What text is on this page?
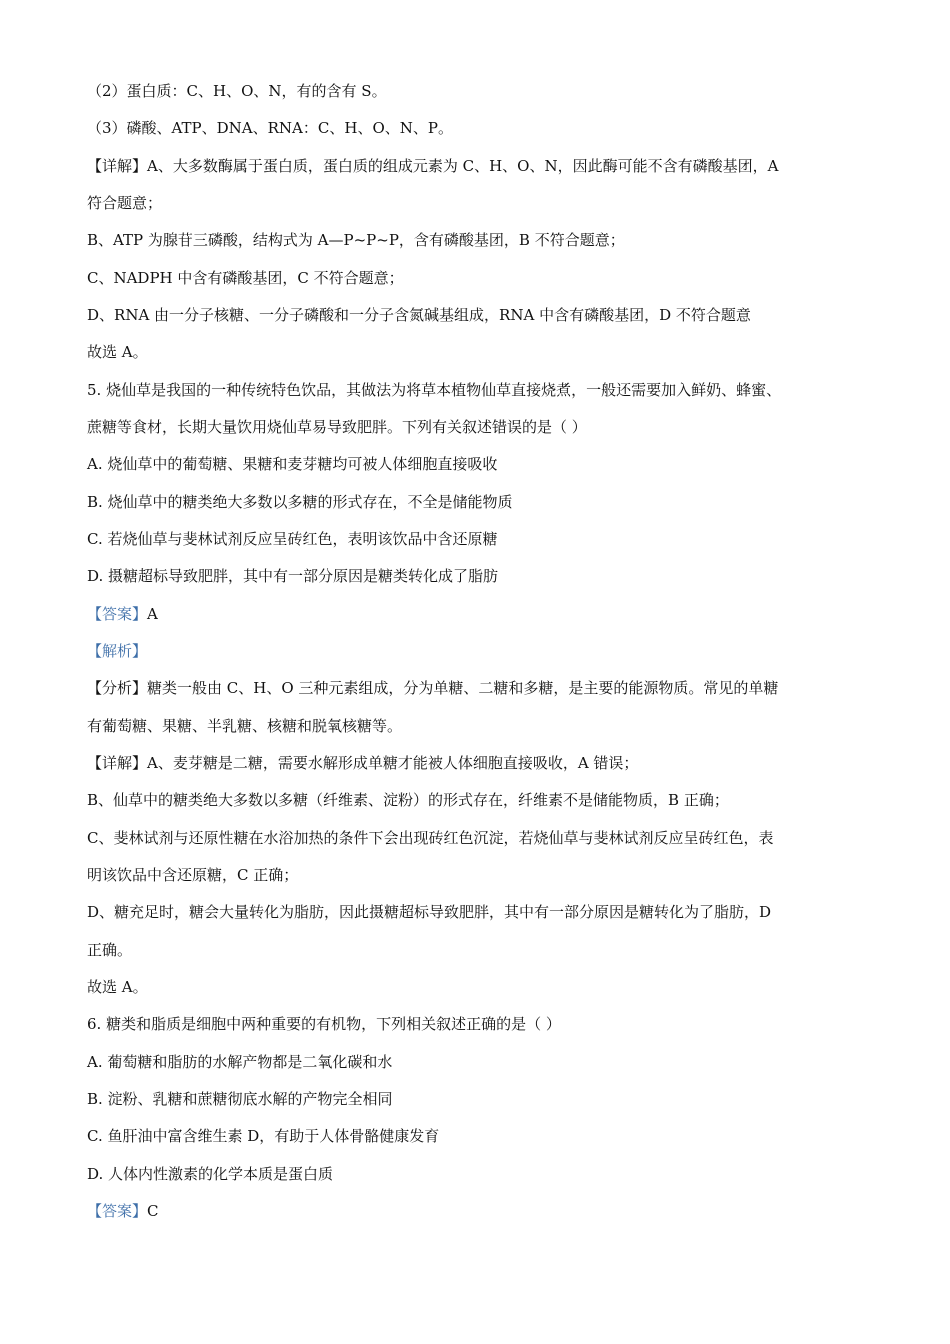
（2）蛋白质：C、H、O、N，有的含有 S。

（3）磷酸、ATP、DNA、RNA：C、H、O、N、P。

【详解】A、大多数酶属于蛋白质，蛋白质的组成元素为 C、H、O、N，因此酶可能不含有磷酸基团，A

符合题意；

B、ATP 为腺苷三磷酸，结构式为 A—P~P~P，含有磷酸基团，B 不符合题意；

C、NADPH 中含有磷酸基团，C 不符合题意；

D、RNA 由一分子核糖、一分子磷酸和一分子含氮碱基组成，RNA 中含有磷酸基团，D 不符合题意

故选 A。

5. 烧仙草是我国的一种传统特色饮品，其做法为将草本植物仙草直接烧煮，一般还需要加入鲜奶、蜂蜜、

蔗糖等食材，长期大量饮用烧仙草易导致肥胖。下列有关叙述错误的是（ ）

A. 烧仙草中的葡萄糖、果糖和麦芽糖均可被人体细胞直接吸收

B. 烧仙草中的糖类绝大多数以多糖的形式存在，不全是储能物质

C. 若烧仙草与斐林试剂反应呈砖红色，表明该饮品中含还原糖

D. 摄糖超标导致肥胖，其中有一部分原因是糖类转化成了脂肪

【答案】A

【解析】

【分析】糖类一般由 C、H、O 三种元素组成，分为单糖、二糖和多糖，是主要的能源物质。常见的单糖

有葡萄糖、果糖、半乳糖、核糖和脱氧核糖等。

【详解】A、麦芽糖是二糖，需要水解形成单糖才能被人体细胞直接吸收，A 错误；

B、仙草中的糖类绝大多数以多糖（纤维素、淀粉）的形式存在，纤维素不是储能物质，B 正确；

C、斐林试剂与还原性糖在水浴加热的条件下会出现砖红色沉淀，若烧仙草与斐林试剂反应呈砖红色，表

明该饮品中含还原糖，C 正确；

D、糖充足时，糖会大量转化为脂肪，因此摄糖超标导致肥胖，其中有一部分原因是糖转化为了脂肪，D

正确。

故选 A。

6. 糖类和脂质是细胞中两种重要的有机物，下列相关叙述正确的是（ ）

A. 葡萄糖和脂肪的水解产物都是二氧化碳和水

B. 淀粉、乳糖和蔗糖彻底水解的产物完全相同

C. 鱼肝油中富含维生素 D，有助于人体骨骼健康发育

D. 人体内性激素的化学本质是蛋白质

【答案】C
